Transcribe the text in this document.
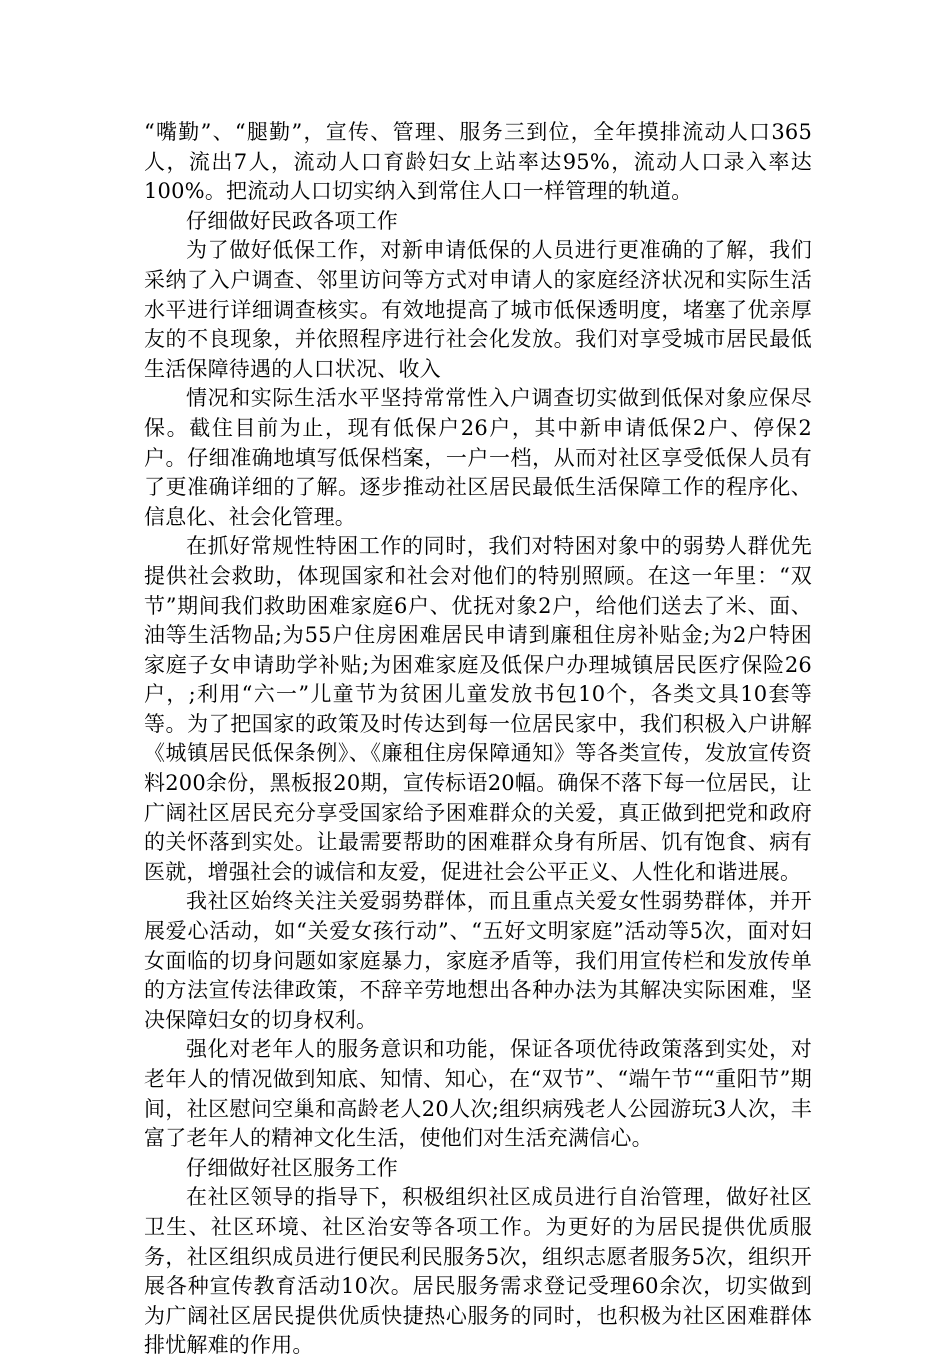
“嘴勤”、“腿勤”，宣传、管理、服务三到位，全年摸排流动人口365人，流出7人，流动人口育龄妇女上站率达95%，流动人口录入率达100%。把流动人口切实纳入到常住人口一样管理的轨道。

仔细做好民政各项工作

为了做好低保工作，对新申请低保的人员进行更准确的了解，我们采纳了入户调查、邻里访问等方式对申请人的家庭经济状况和实际生活水平进行详细调查核实。有效地提高了城市低保透明度，堵塞了优亲厚友的不良现象，并依照程序进行社会化发放。我们对享受城市居民最低生活保障待遇的人口状况、收入

情况和实际生活水平坚持常常性入户调查切实做到低保对象应保尽保。截住目前为止，现有低保户26户，其中新申请低保2户、停保2户。仔细准确地填写低保档案，一户一档，从而对社区享受低保人员有了更准确详细的了解。逐步推动社区居民最低生活保障工作的程序化、信息化、社会化管理。

在抓好常规性特困工作的同时，我们对特困对象中的弱势人群优先提供社会救助，体现国家和社会对他们的特别照顾。在这一年里：“双节”期间我们救助困难家庭6户、优抚对象2户，给他们送去了米、面、油等生活物品;为55户住房困难居民申请到廉租住房补贴金;为2户特困家庭子女申请助学补贴;为困难家庭及低保户办理城镇居民医疗保险26户，;利用“六一”儿童节为贫困儿童发放书包10个，各类文具10套等等。为了把国家的政策及时传达到每一位居民家中，我们积极入户讲解《城镇居民低保条例》、《廉租住房保障通知》等各类宣传，发放宣传资料200余份，黑板报20期，宣传标语20幅。确保不落下每一位居民，让广阔社区居民充分享受国家给予困难群众的关爱，真正做到把党和政府的关怀落到实处。让最需要帮助的困难群众身有所居、饥有饱食、病有医就，增强社会的诚信和友爱，促进社会公平正义、人性化和谐进展。

我社区始终关注关爱弱势群体，而且重点关爱女性弱势群体，并开展爱心活动，如“关爱女孩行动”、“五好文明家庭”活动等5次，面对妇女面临的切身问题如家庭暴力，家庭矛盾等，我们用宣传栏和发放传单的方法宣传法律政策，不辞辛劳地想出各种办法为其解决实际困难，坚决保障妇女的切身权利。

强化对老年人的服务意识和功能，保证各项优待政策落到实处，对老年人的情况做到知底、知情、知心，在“双节”、“端午节““重阳节”期间，社区慰问空巢和高龄老人20人次;组织病残老人公园游玩3人次，丰富了老年人的精神文化生活，使他们对生活充满信心。

仔细做好社区服务工作

在社区领导的指导下，积极组织社区成员进行自治管理，做好社区卫生、社区环境、社区治安等各项工作。为更好的为居民提供优质服务，社区组织成员进行便民利民服务5次，组织志愿者服务5次，组织开展各种宣传教育活动10次。居民服务需求登记受理60余次，切实做到为广阔社区居民提供优质快捷热心服务的同时，也积极为社区困难群体排忧解难的作用。
